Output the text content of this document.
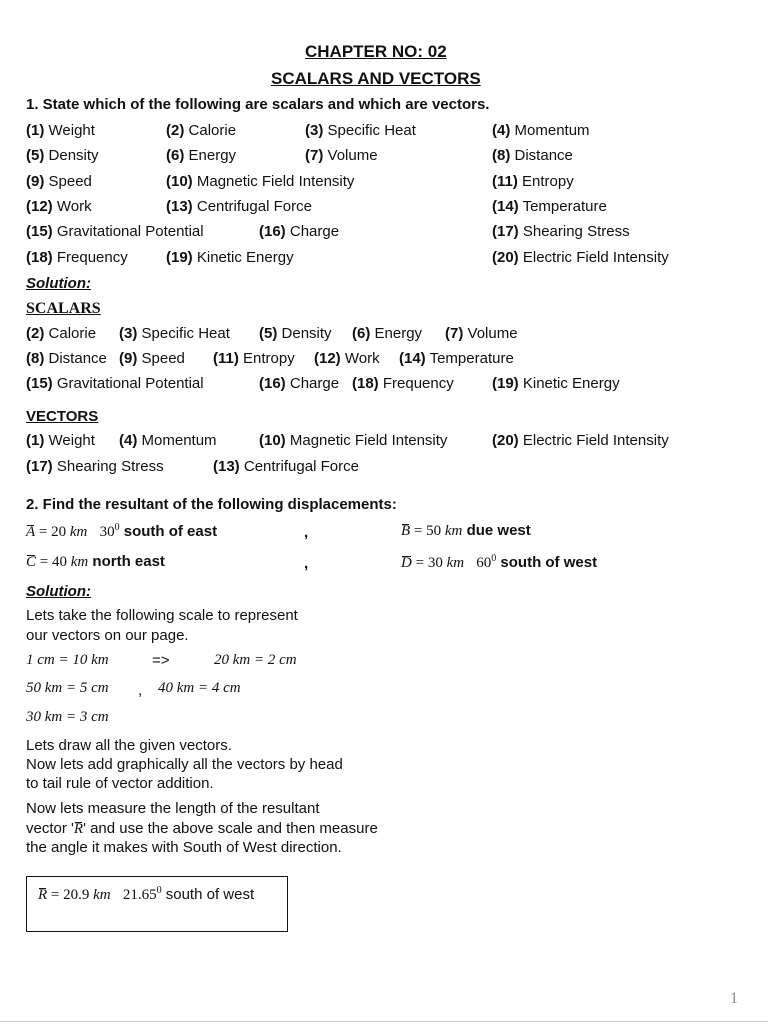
CHAPTER NO: 02
SCALARS AND VECTORS
1. State which of the following are scalars and which are vectors.
(1) Weight	(2) Calorie	(3) Specific Heat	(4) Momentum
(5) Density	(6) Energy	(7) Volume	(8) Distance
(9) Speed	(10) Magnetic Field Intensity	(11) Entropy
(12) Work	(13) Centrifugal Force	(14) Temperature
(15) Gravitational Potential	(16) Charge	(17) Shearing Stress
(18) Frequency	(19) Kinetic Energy	(20) Electric Field Intensity
Solution:
SCALARS
(2) Calorie (3) Specific Heat (5) Density (6) Energy (7) Volume
(8) Distance (9) Speed (11) Entropy (12) Work (14) Temperature
(15) Gravitational Potential	(16) Charge (18) Frequency	(19) Kinetic Energy
VECTORS
(1) Weight (4) Momentum	(10) Magnetic Field Intensity	(20) Electric Field Intensity
(17) Shearing Stress	(13) Centrifugal Force
2. Find the resultant of the following displacements:
A = 20 km $30^0$ south of east	,	B = 50 km due west
C = 40 km north east	,	D = 30 km $60^0$ south of west
Solution:
Lets take the following scale to represent
our vectors on our page.
1 cm = 10 km	=>	20 km = 2 cm
50 km = 5 cm , 40 km = 4 cm
30 km = 3 cm
Lets draw all the given vectors.
Now lets add graphically all the vectors by head
to tail rule of vector addition.
Now lets measure the length of the resultant
vector 'R' and use the above scale and then measure
the angle it makes with South of West direction.
R = 20.9 km 21.65$^0$ south of west
1
